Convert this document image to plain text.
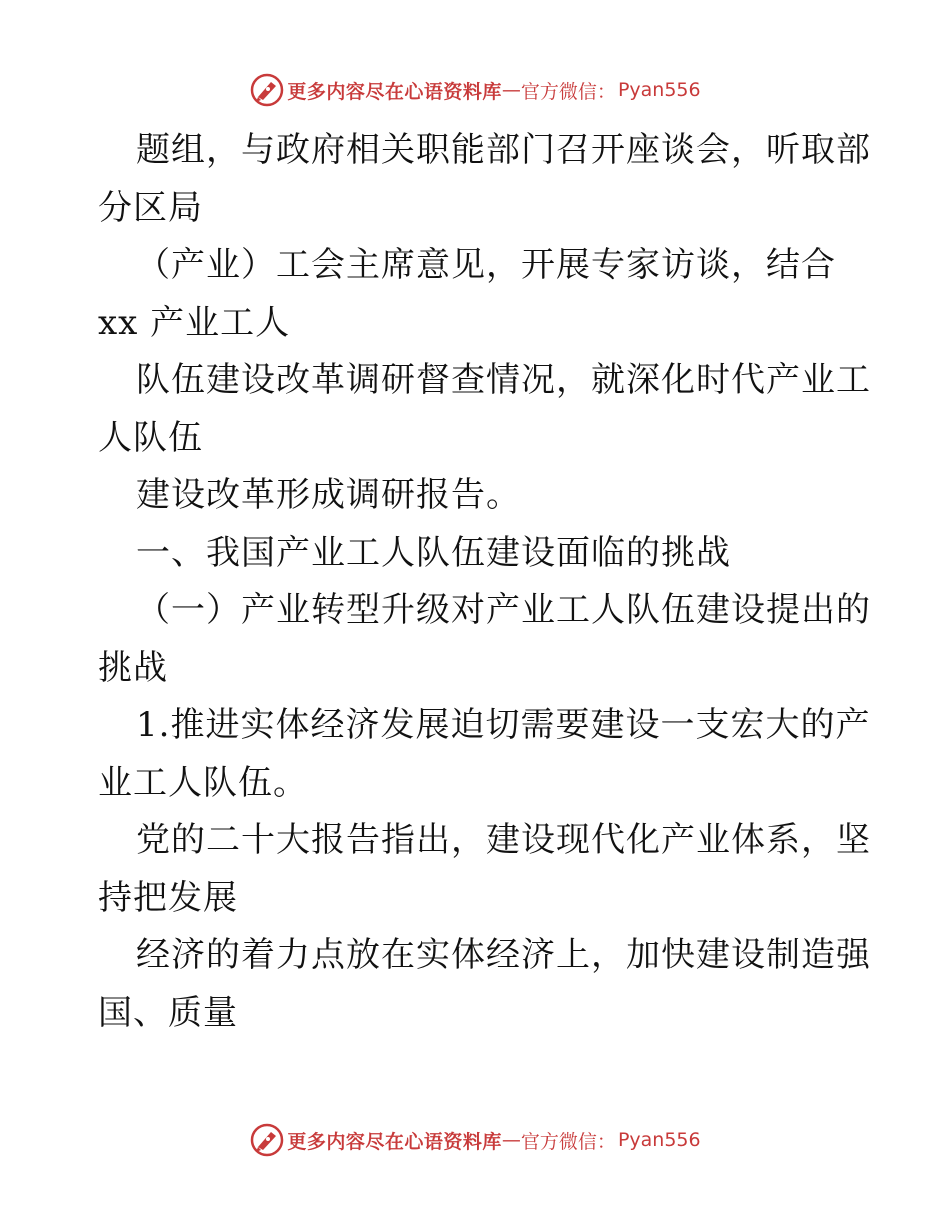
更多内容尽在心语资料库 — 官方微信： Pyan556
题组，与政府相关职能部门召开座谈会，听取部
分区局
（产业）工会主席意见，开展专家访谈，结合
xx 产业工人
队伍建设改革调研督查情况，就深化时代产业工
人队伍
建设改革形成调研报告。
一、我国产业工人队伍建设面临的挑战
（一）产业转型升级对产业工人队伍建设提出的
挑战
1.推进实体经济发展迫切需要建设一支宏大的产
业工人队伍。
党的二十大报告指出，建设现代化产业体系，坚
持把发展
经济的着力点放在实体经济上，加快建设制造强
国、质量
更多内容尽在心语资料库 — 官方微信： Pyan556
